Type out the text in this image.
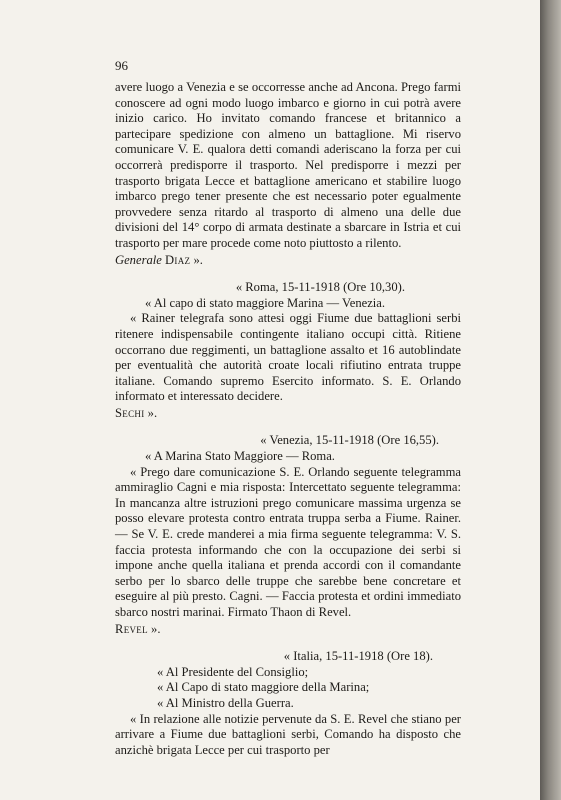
96

avere luogo a Venezia e se occorresse anche ad Ancona. Prego farmi conoscere ad ogni modo luogo imbarco e giorno in cui potrà avere inizio carico. Ho invitato comando francese et britannico a partecipare spedizione con almeno un battaglione. Mi riservo comunicare V. E. qualora detti comandi aderiscano la forza per cui occorrerà predisporre il trasporto. Nel predisporre i mezzi per trasporto brigata Lecce et battaglione americano et stabilire luogo imbarco prego tener presente che est necessario poter egualmente provvedere senza ritardo al trasporto di almeno una delle due divisioni del 14° corpo di armata destinate a sbarcare in Istria et cui trasporto per mare procede come noto piuttosto a rilento.

Generale Diaz ».

« Roma, 15-11-1918 (Ore 10,30).

« Al capo di stato maggiore Marina — Venezia.

« Rainer telegrafa sono attesi oggi Fiume due battaglioni serbi ritenere indispensabile contingente italiano occupi città. Ritiene occorrano due reggimenti, un battaglione assalto et 16 autoblindate per eventualità che autorità croate locali rifiutino entrata truppe italiane. Comando supremo Esercito informato. S. E. Orlando informato et interessato decidere.

Sechi ».

« Venezia, 15-11-1918 (Ore 16,55).

« A Marina Stato Maggiore — Roma.

« Prego dare comunicazione S. E. Orlando seguente telegramma ammiraglio Cagni e mia risposta: Intercettato seguente telegramma: In mancanza altre istruzioni prego comunicare massima urgenza se posso elevare protesta contro entrata truppa serba a Fiume. Rainer. — Se V. E. crede manderei a mia firma seguente telegramma: V. S. faccia protesta informando che con la occupazione dei serbi si impone anche quella italiana et prenda accordi con il comandante serbo per lo sbarco delle truppe che sarebbe bene concretare et eseguire al più presto. Cagni. — Faccia protesta et ordini immediato sbarco nostri marinai. Firmato Thaon di Revel.

Revel ».

« Italia, 15-11-1918 (Ore 18).

« Al Presidente del Consiglio;

« Al Capo di stato maggiore della Marina;

« Al Ministro della Guerra.

« In relazione alle notizie pervenute da S. E. Revel che stiano per arrivare a Fiume due battaglioni serbi, Comando ha disposto che anzichè brigata Lecce per cui trasporto per
